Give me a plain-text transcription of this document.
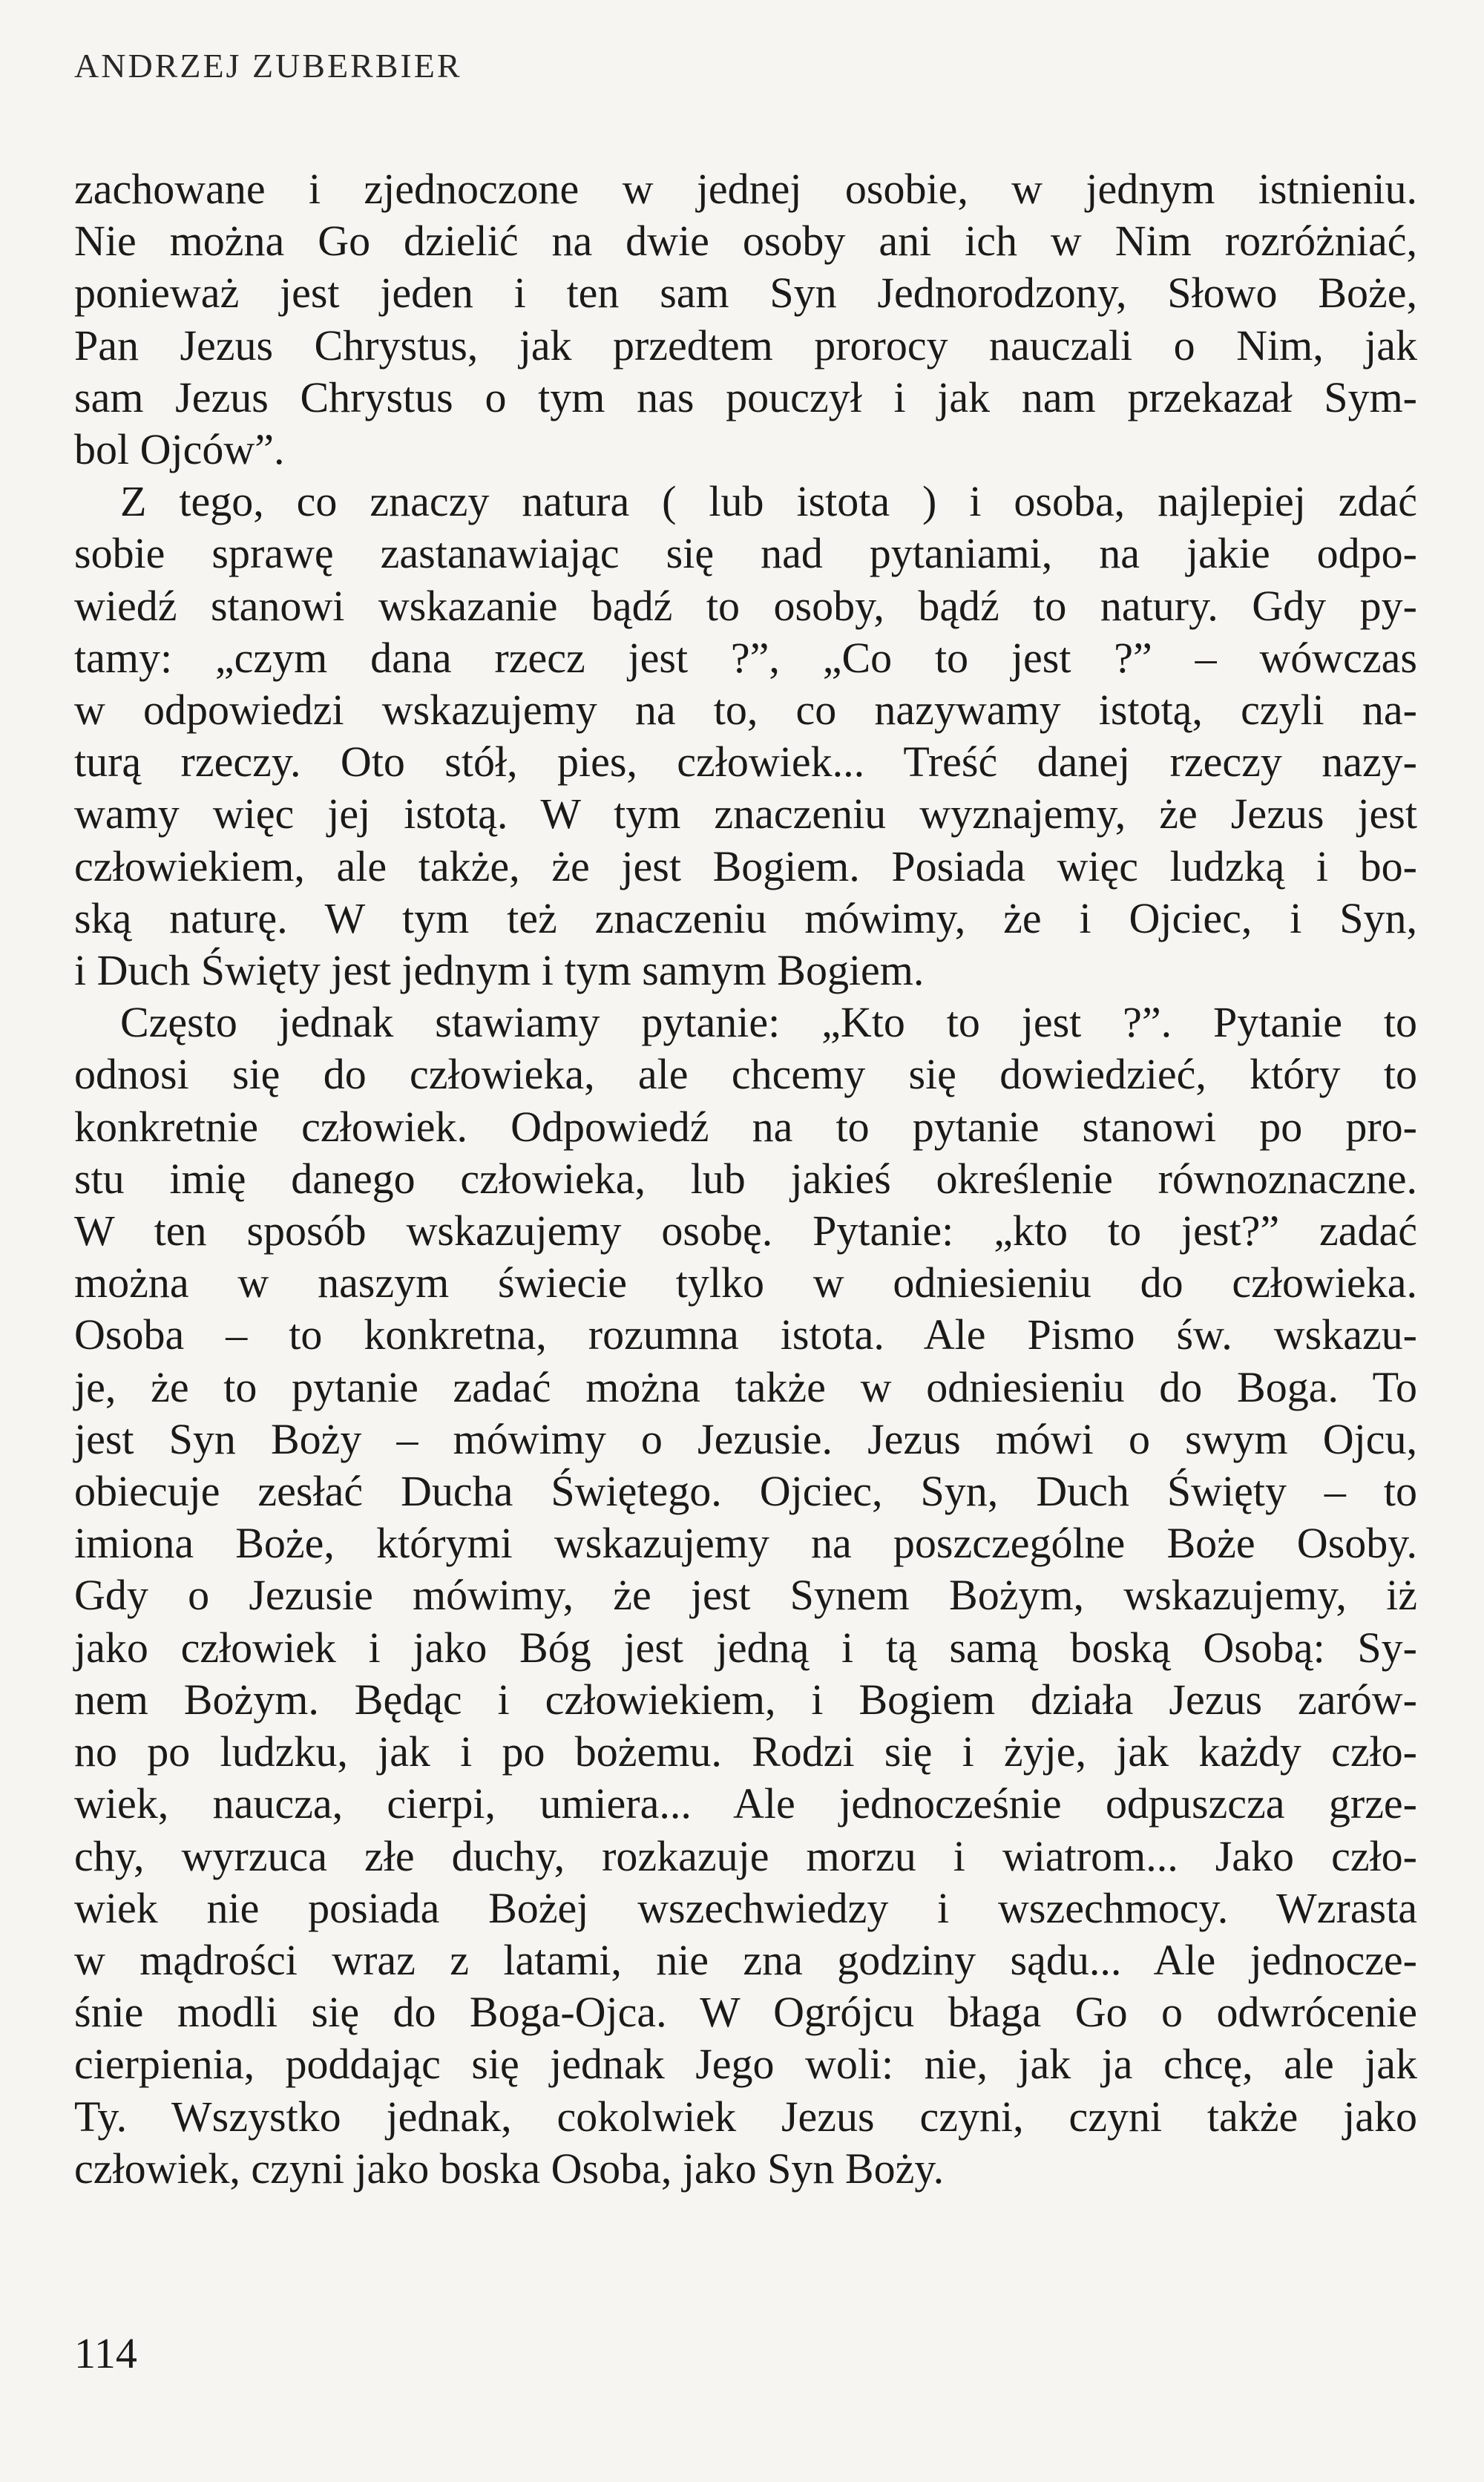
ANDRZEJ ZUBERBIER

zachowane i zjednoczone w jednej osobie, w jednym istnieniu.
Nie można Go dzielić na dwie osoby ani ich w Nim rozróżniać,
ponieważ jest jeden i ten sam Syn Jednorodzony, Słowo Boże,
Pan Jezus Chrystus, jak przedtem prorocy nauczali o Nim, jak
sam Jezus Chrystus o tym nas pouczył i jak nam przekazał Sym-
bol Ojców”.

Z tego, co znaczy natura ( lub istota ) i osoba, najlepiej zdać
sobie sprawę zastanawiając się nad pytaniami, na jakie odpo-
wiedź stanowi wskazanie bądź to osoby, bądź to natury. Gdy py-
tamy: „czym dana rzecz jest ?”, „Co to jest ?” – wówczas
w odpowiedzi wskazujemy na to, co nazywamy istotą, czyli na-
turą rzeczy. Oto stół, pies, człowiek... Treść danej rzeczy nazy-
wamy więc jej istotą. W tym znaczeniu wyznajemy, że Jezus jest
człowiekiem, ale także, że jest Bogiem. Posiada więc ludzką i bo-
ską naturę. W tym też znaczeniu mówimy, że i Ojciec, i Syn,
i Duch Święty jest jednym i tym samym Bogiem.

Często jednak stawiamy pytanie: „Kto to jest ?”. Pytanie to
odnosi się do człowieka, ale chcemy się dowiedzieć, który to
konkretnie człowiek. Odpowiedź na to pytanie stanowi po pro-
stu imię danego człowieka, lub jakieś określenie równoznaczne.
W ten sposób wskazujemy osobę. Pytanie: „kto to jest?” zadać
można w naszym świecie tylko w odniesieniu do człowieka.
Osoba – to konkretna, rozumna istota. Ale Pismo św. wskazu-
je, że to pytanie zadać można także w odniesieniu do Boga. To
jest Syn Boży – mówimy o Jezusie. Jezus mówi o swym Ojcu,
obiecuje zesłać Ducha Świętego. Ojciec, Syn, Duch Święty – to
imiona Boże, którymi wskazujemy na poszczególne Boże Osoby.
Gdy o Jezusie mówimy, że jest Synem Bożym, wskazujemy, iż
jako człowiek i jako Bóg jest jedną i tą samą boską Osobą: Sy-
nem Bożym. Będąc i człowiekiem, i Bogiem działa Jezus zarów-
no po ludzku, jak i po bożemu. Rodzi się i żyje, jak każdy czło-
wiek, naucza, cierpi, umiera... Ale jednocześnie odpuszcza grze-
chy, wyrzuca złe duchy, rozkazuje morzu i wiatrom... Jako czło-
wiek nie posiada Bożej wszechwiedzy i wszechmocy. Wzrasta
w mądrości wraz z latami, nie zna godziny sądu... Ale jednocze-
śnie modli się do Boga-Ojca. W Ogrójcu błaga Go o odwrócenie
cierpienia, poddając się jednak Jego woli: nie, jak ja chcę, ale jak
Ty. Wszystko jednak, cokolwiek Jezus czyni, czyni także jako
człowiek, czyni jako boska Osoba, jako Syn Boży.

114
